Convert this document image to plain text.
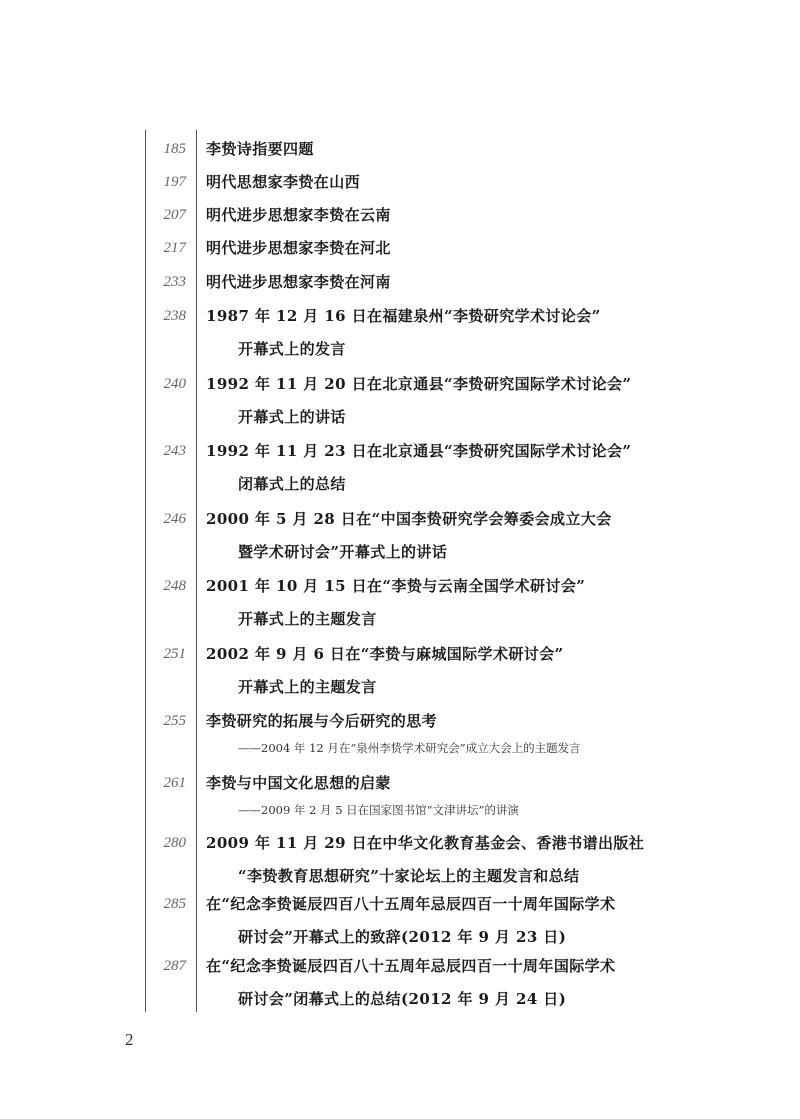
185 李贽诗指要四题
197 明代思想家李贽在山西
207 明代进步思想家李贽在云南
217 明代进步思想家李贽在河北
233 明代进步思想家李贽在河南
238 1987 年 12 月 16 日在福建泉州“李贽研究学术讨论会”
开幕式上的发言
240 1992 年 11 月 20 日在北京通县“李贽研究国际学术讨论会”
开幕式上的讲话
243 1992 年 11 月 23 日在北京通县“李贽研究国际学术讨论会”
闭幕式上的总结
246 2000 年 5 月 28 日在“中国李贽研究学会筹委会成立大会
暨学术研讨会”开幕式上的讲话
248 2001 年 10 月 15 日在“李贽与云南全国学术研讨会”
开幕式上的主题发言
251 2002 年 9 月 6 日在“李贽与麻城国际学术研讨会”
开幕式上的主题发言
255 李贽研究的拓展与今后研究的思考
——2004 年 12 月在“泉州李贽学术研究会”成立大会上的主题发言
261 李贽与中国文化思想的启蒙
——2009 年 2 月 5 日在国家图书馆“文津讲坛”的讲演
280 2009 年 11 月 29 日在中华文化教育基金会、香港书谱出版社
“李贽教育思想研究”十家论坛上的主题发言和总结
285 在“纪念李贽诞辰四百八十五周年忌辰四百一十周年国际学术
研讨会”开幕式上的致辞(2012 年 9 月 23 日)
287 在“纪念李贽诞辰四百八十五周年忌辰四百一十周年国际学术
研讨会”闭幕式上的总结(2012 年 9 月 24 日)
2
